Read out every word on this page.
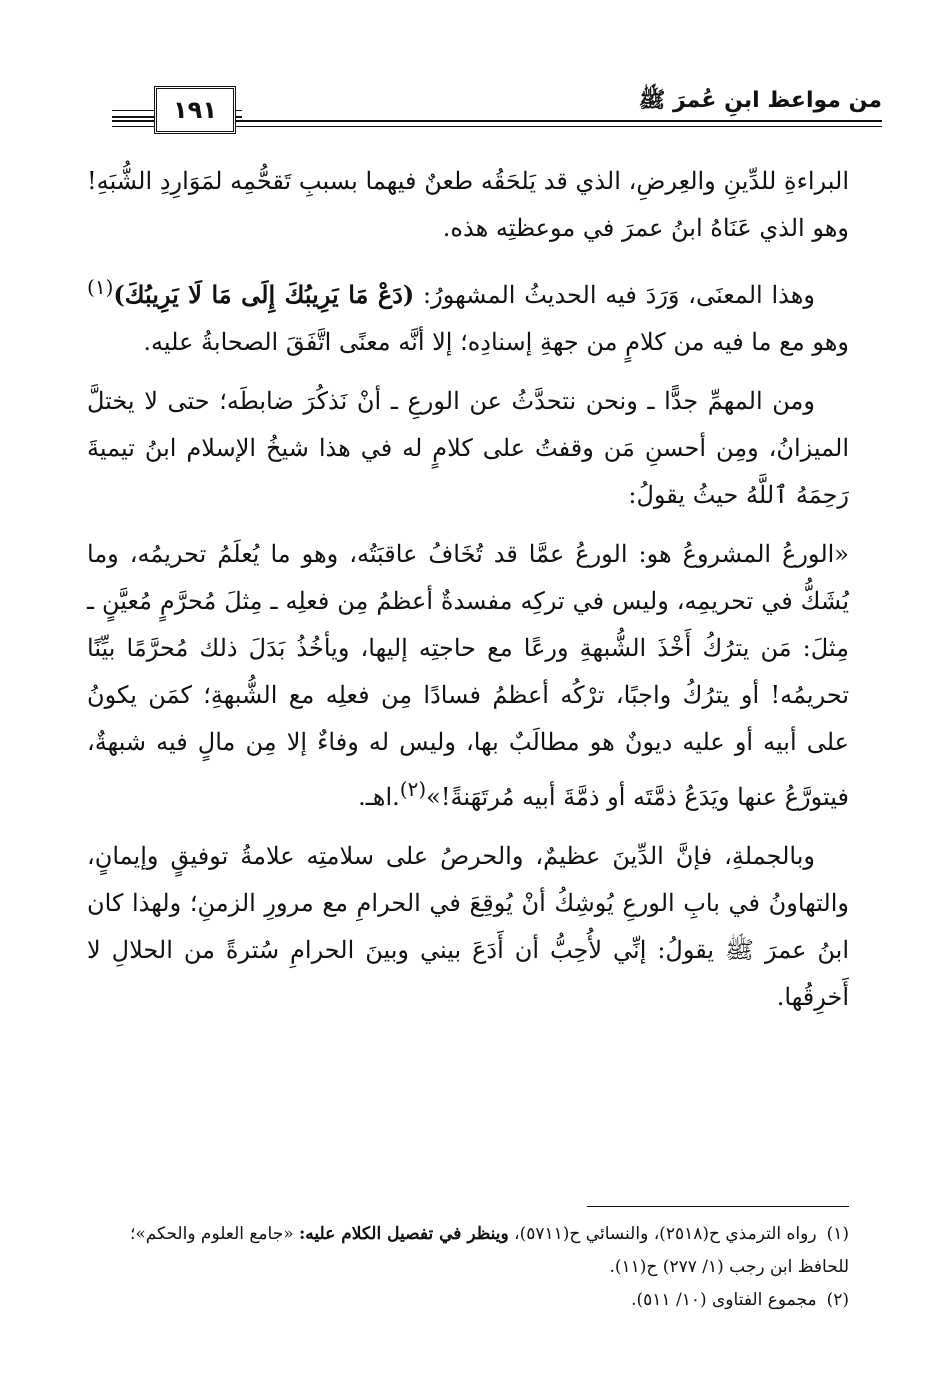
من مواعظ ابنِ عُمرَ ﷺ
١٩١

البراءةِ للدِّينِ والعِرضِ، الذي قد يَلحَقُه طعنٌ فيهما بسببِ تَقحُّمِه لمَوَارِدِ الشُّبَهِ! وهو الذي عَنَاهُ ابنُ عمرَ في موعظتِه هذه.

وهذا المعنَى، وَرَدَ فيه الحديثُ المشهورُ: (دَعْ مَا يَرِيبُكَ إِلَى مَا لَا يَرِيبُكَ)$^{(١)}$ وهو مع ما فيه من كلامٍ من جهةِ إسنادِه؛ إلا أنَّه معنًى اتَّفَقَ الصحابةُ عليه.

ومن المهمِّ جدًّا ـ ونحن نتحدَّثُ عن الورعِ ـ أنْ نَذكُرَ ضابطَه؛ حتى لا يختلَّ الميزانُ، ومِن أحسنِ مَن وقفتُ على كلامٍ له في هذا شيخُ الإسلام ابنُ تيميةَ رَحِمَهُ ٱللَّهُ حيثُ يقولُ:

«الورعُ المشروعُ هو: الورعُ عمَّا قد تُخَافُ عاقبَتُه، وهو ما يُعلَمُ تحريمُه، وما يُشَكُّ في تحريمِه، وليس في تركِه مفسدةٌ أعظمُ مِن فعلِه ـ مِثلَ مُحرَّمٍ مُعيَّنٍ ـ مِثلَ: مَن يترُكُ أَخْذَ الشُّبهةِ ورعًا مع حاجتِه إليها، ويأخُذُ بَدَلَ ذلك مُحرَّمًا بيِّنًا تحريمُه! أو يترُكُ واجبًا، ترْكُه أعظمُ فسادًا مِن فعلِه مع الشُّبهةِ؛ كمَن يكونُ على أبيه أو عليه ديونٌ هو مطالَبٌ بها، وليس له وفاءٌ إلا مِن مالٍ فيه شبهةٌ، فيتورَّعُ عنها ويَدَعُ ذمَّتَه أو ذمَّةَ أبيه مُرتَهَنةً!»$^{(٢)}$.اهـ.

وبالجملةِ، فإنَّ الدِّينَ عظيمٌ، والحرصُ على سلامتِه علامةُ توفيقٍ وإيمانٍ، والتهاونُ في بابِ الورعِ يُوشِكُ أنْ يُوقِعَ في الحرامِ مع مرورِ الزمنِ؛ ولهذا كان ابنُ عمرَ ﷺ يقولُ: إنِّي لأُحِبُّ أن أَدَعَ بيني وبينَ الحرامِ سُترةً من الحلالِ لا أَخرِقُها.

(١)رواه الترمذي ح(٢٥١٨)، والنسائي ح(٥٧١١)، وينظر في تفصيل الكلام عليه: «جامع العلوم والحكم»؛ للحافظ ابن رجب (١/ ٢٧٧) ح(١١).

(٢)مجموع الفتاوى (١٠/ ٥١١).
